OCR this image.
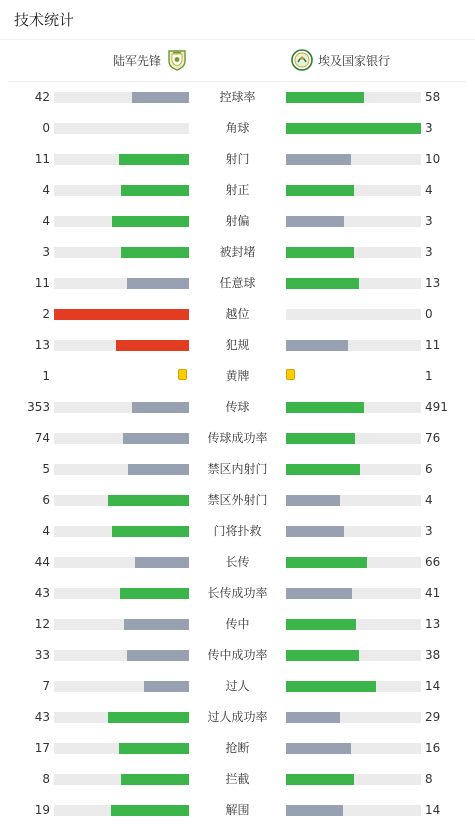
技术统计
陆军先锋	埃及国家银行
42	控球率	58
0	角球	3
11	射门	10
4	射正	4
4	射偏	3
3	被封堵	3
11	任意球	13
2	越位	0
13	犯规	11
1	黄牌	1
353	传球	491
74	传球成功率	76
5	禁区内射门	6
6	禁区外射门	4
4	门将扑救	3
44	长传	66
43	长传成功率	41
12	传中	13
33	传中成功率	38
7	过人	14
43	过人成功率	29
17	抢断	16
8	拦截	8
19	解围	14
